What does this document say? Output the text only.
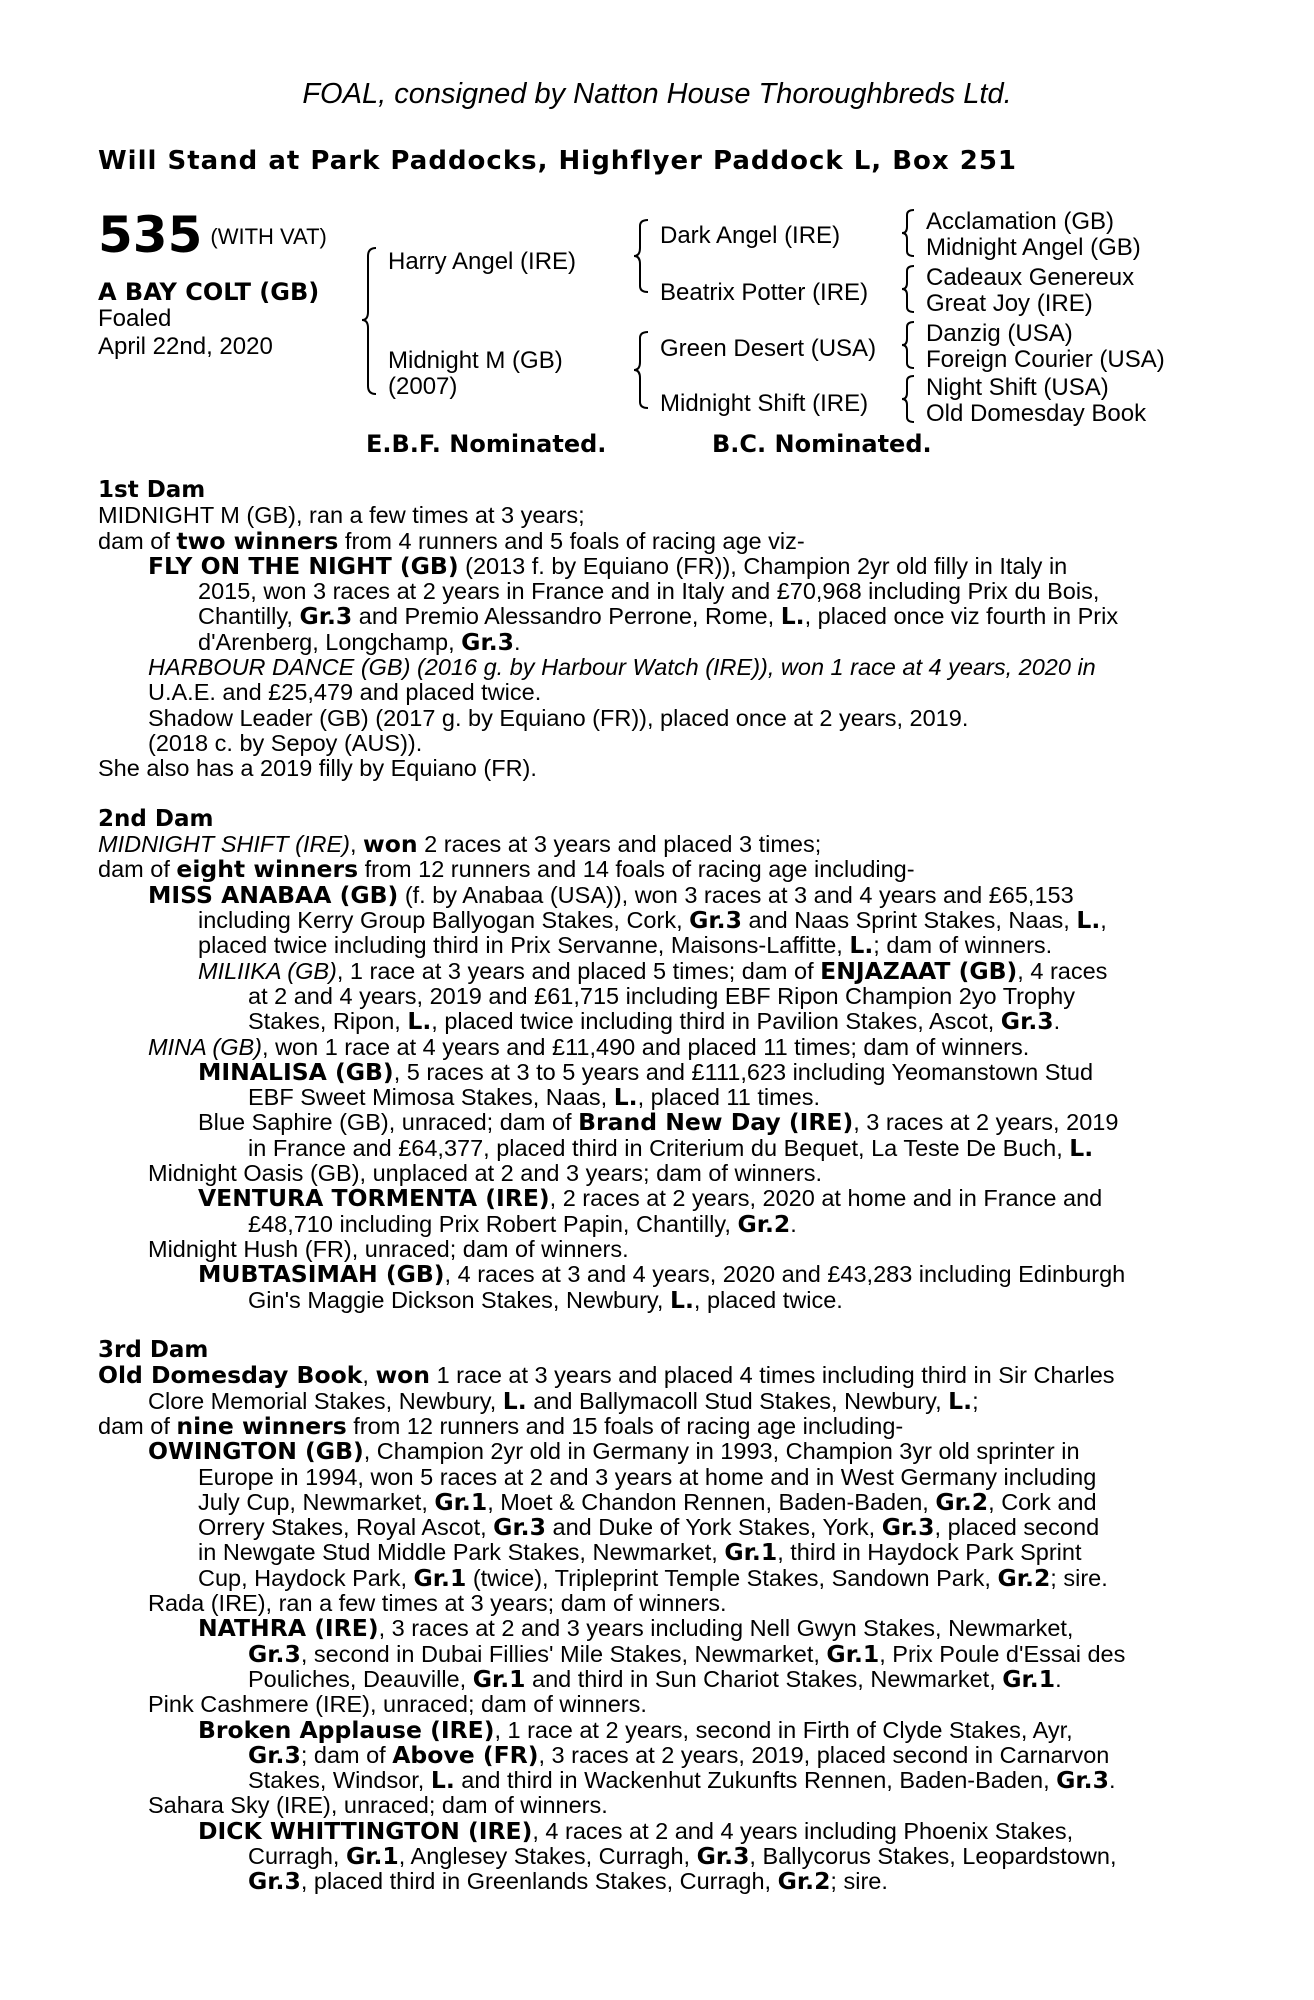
FOAL, consigned by Natton House Thoroughbreds Ltd.
Will Stand at Park Paddocks, Highflyer Paddock L, Box 251
535 (WITH VAT)
A BAY COLT (GB)
Foaled
April 22nd, 2020
Harry Angel (IRE)
Midnight M (GB)
(2007)
Dark Angel (IRE)
Beatrix Potter (IRE)
Green Desert (USA)
Midnight Shift (IRE)
Acclamation (GB)
Midnight Angel (GB)
Cadeaux Genereux
Great Joy (IRE)
Danzig (USA)
Foreign Courier (USA)
Night Shift (USA)
Old Domesday Book
E.B.F. Nominated.	B.C. Nominated.
1st Dam
MIDNIGHT M (GB), ran a few times at 3 years;
dam of two winners from 4 runners and 5 foals of racing age viz-
FLY ON THE NIGHT (GB) (2013 f. by Equiano (FR)), Champion 2yr old filly in Italy in
2015, won 3 races at 2 years in France and in Italy and £70,968 including Prix du Bois,
Chantilly, Gr.3 and Premio Alessandro Perrone, Rome, L., placed once viz fourth in Prix
d'Arenberg, Longchamp, Gr.3.
HARBOUR DANCE (GB) (2016 g. by Harbour Watch (IRE)), won 1 race at 4 years, 2020 in
U.A.E. and £25,479 and placed twice.
Shadow Leader (GB) (2017 g. by Equiano (FR)), placed once at 2 years, 2019.
(2018 c. by Sepoy (AUS)).
She also has a 2019 filly by Equiano (FR).
2nd Dam
MIDNIGHT SHIFT (IRE), won 2 races at 3 years and placed 3 times;
dam of eight winners from 12 runners and 14 foals of racing age including-
MISS ANABAA (GB) (f. by Anabaa (USA)), won 3 races at 3 and 4 years and £65,153
including Kerry Group Ballyogan Stakes, Cork, Gr.3 and Naas Sprint Stakes, Naas, L.,
placed twice including third in Prix Servanne, Maisons-Laffitte, L.; dam of winners.
MILIIKA (GB), 1 race at 3 years and placed 5 times; dam of ENJAZAAT (GB), 4 races
at 2 and 4 years, 2019 and £61,715 including EBF Ripon Champion 2yo Trophy
Stakes, Ripon, L., placed twice including third in Pavilion Stakes, Ascot, Gr.3.
MINA (GB), won 1 race at 4 years and £11,490 and placed 11 times; dam of winners.
MINALISA (GB), 5 races at 3 to 5 years and £111,623 including Yeomanstown Stud
EBF Sweet Mimosa Stakes, Naas, L., placed 11 times.
Blue Saphire (GB), unraced; dam of Brand New Day (IRE), 3 races at 2 years, 2019
in France and £64,377, placed third in Criterium du Bequet, La Teste De Buch, L.
Midnight Oasis (GB), unplaced at 2 and 3 years; dam of winners.
VENTURA TORMENTA (IRE), 2 races at 2 years, 2020 at home and in France and
£48,710 including Prix Robert Papin, Chantilly, Gr.2.
Midnight Hush (FR), unraced; dam of winners.
MUBTASIMAH (GB), 4 races at 3 and 4 years, 2020 and £43,283 including Edinburgh
Gin's Maggie Dickson Stakes, Newbury, L., placed twice.
3rd Dam
Old Domesday Book, won 1 race at 3 years and placed 4 times including third in Sir Charles
Clore Memorial Stakes, Newbury, L. and Ballymacoll Stud Stakes, Newbury, L.;
dam of nine winners from 12 runners and 15 foals of racing age including-
OWINGTON (GB), Champion 2yr old in Germany in 1993, Champion 3yr old sprinter in
Europe in 1994, won 5 races at 2 and 3 years at home and in West Germany including
July Cup, Newmarket, Gr.1, Moet & Chandon Rennen, Baden-Baden, Gr.2, Cork and
Orrery Stakes, Royal Ascot, Gr.3 and Duke of York Stakes, York, Gr.3, placed second
in Newgate Stud Middle Park Stakes, Newmarket, Gr.1, third in Haydock Park Sprint
Cup, Haydock Park, Gr.1 (twice), Tripleprint Temple Stakes, Sandown Park, Gr.2; sire.
Rada (IRE), ran a few times at 3 years; dam of winners.
NATHRA (IRE), 3 races at 2 and 3 years including Nell Gwyn Stakes, Newmarket,
Gr.3, second in Dubai Fillies' Mile Stakes, Newmarket, Gr.1, Prix Poule d'Essai des
Pouliches, Deauville, Gr.1 and third in Sun Chariot Stakes, Newmarket, Gr.1.
Pink Cashmere (IRE), unraced; dam of winners.
Broken Applause (IRE), 1 race at 2 years, second in Firth of Clyde Stakes, Ayr,
Gr.3; dam of Above (FR), 3 races at 2 years, 2019, placed second in Carnarvon
Stakes, Windsor, L. and third in Wackenhut Zukunfts Rennen, Baden-Baden, Gr.3.
Sahara Sky (IRE), unraced; dam of winners.
DICK WHITTINGTON (IRE), 4 races at 2 and 4 years including Phoenix Stakes,
Curragh, Gr.1, Anglesey Stakes, Curragh, Gr.3, Ballycorus Stakes, Leopardstown,
Gr.3, placed third in Greenlands Stakes, Curragh, Gr.2; sire.
